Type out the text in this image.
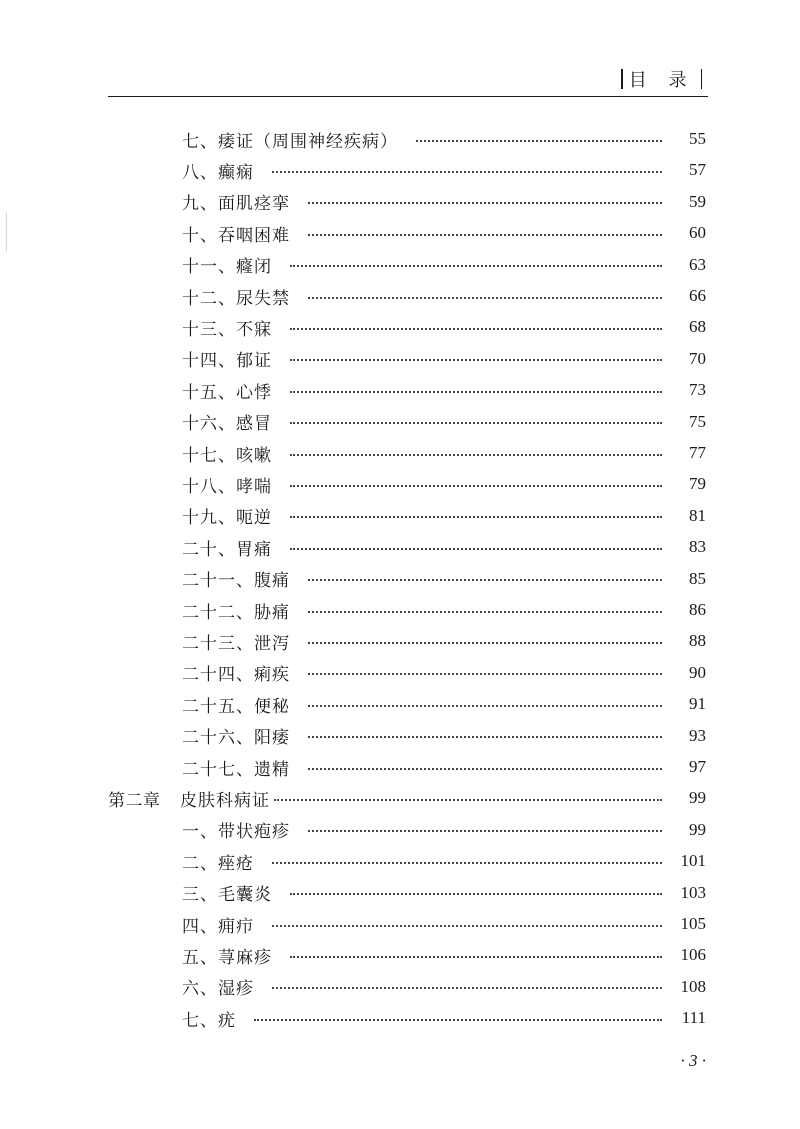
目 录
七、痿证（周围神经疾病）	55
八、癫痫	57
九、面肌痉挛	59
十、吞咽困难	60
十一、癃闭	63
十二、尿失禁	66
十三、不寐	68
十四、郁证	70
十五、心悸	73
十六、感冒	75
十七、咳嗽	77
十八、哮喘	79
十九、呃逆	81
二十、胃痛	83
二十一、腹痛	85
二十二、胁痛	86
二十三、泄泻	88
二十四、痢疾	90
二十五、便秘	91
二十六、阳痿	93
二十七、遗精	97
第二章	皮肤科病证	99
一、带状疱疹	99
二、痤疮	101
三、毛囊炎	103
四、痈疖	105
五、荨麻疹	106
六、湿疹	108
七、疣	111
· 3 ·
